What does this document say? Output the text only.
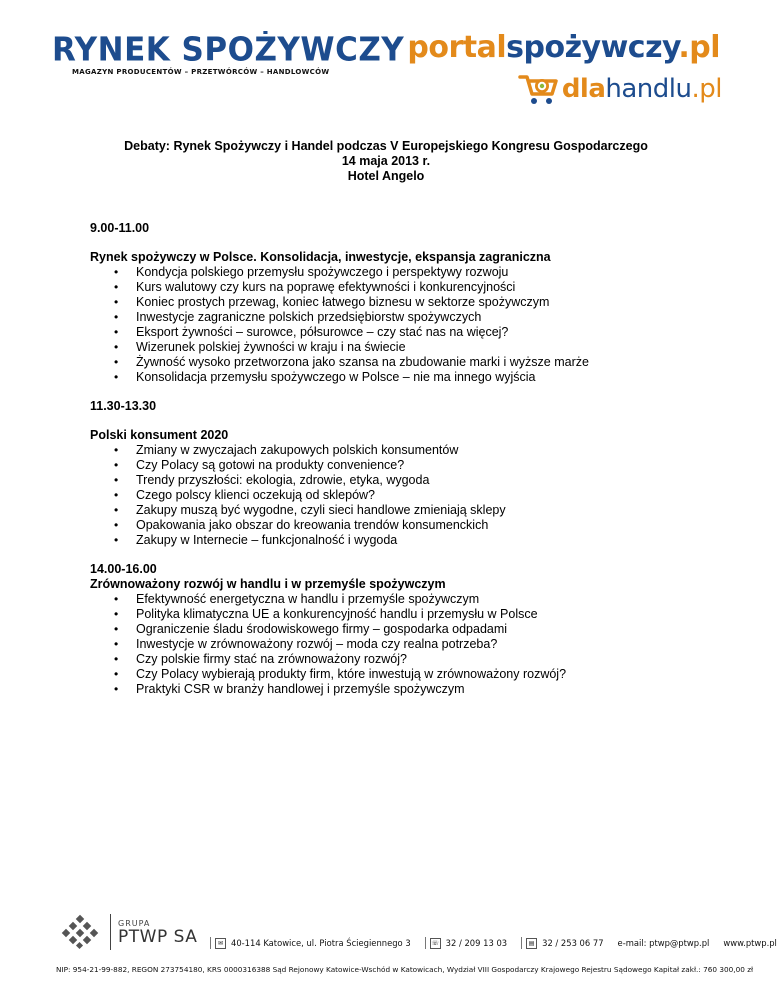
RYNEK SPOŻYWCZY
MAGAZYN PRODUCENTÓW – PRZETWÓRCÓW – HANDLOWCÓW
portalspożywczy.pl
dlahandlu.pl
Debaty: Rynek Spożywczy i Handel podczas V Europejskiego Kongresu Gospodarczego
14 maja 2013 r.
Hotel Angelo
9.00-11.00
Rynek spożywczy w Polsce. Konsolidacja, inwestycje, ekspansja zagraniczna
• Kondycja polskiego przemysłu spożywczego i perspektywy rozwoju
• Kurs walutowy czy kurs na poprawę efektywności i konkurencyjności
• Koniec prostych przewag, koniec łatwego biznesu w sektorze spożywczym
• Inwestycje zagraniczne polskich przedsiębiorstw spożywczych
• Eksport żywności – surowce, półsurowce – czy stać nas na więcej?
• Wizerunek polskiej żywności w kraju i na świecie
• Żywność wysoko przetworzona jako szansa na zbudowanie marki i wyższe marże
• Konsolidacja przemysłu spożywczego w Polsce – nie ma innego wyjścia
11.30-13.30
Polski konsument 2020
• Zmiany w zwyczajach zakupowych polskich konsumentów
• Czy Polacy są gotowi na produkty convenience?
• Trendy przyszłości: ekologia, zdrowie, etyka, wygoda
• Czego polscy klienci oczekują od sklepów?
• Zakupy muszą być wygodne, czyli sieci handlowe zmieniają sklepy
• Opakowania jako obszar do kreowania trendów konsumenckich
• Zakupy w Internecie – funkcjonalność i wygoda
14.00-16.00
Zrównoważony rozwój w handlu i w przemyśle spożywczym
• Efektywność energetyczna w handlu i przemyśle spożywczym
• Polityka klimatyczna UE a konkurencyjność handlu i przemysłu w Polsce
• Ograniczenie śladu środowiskowego firmy – gospodarka odpadami
• Inwestycje w zrównoważony rozwój – moda czy realna potrzeba?
• Czy polskie firmy stać na zrównoważony rozwój?
• Czy Polacy wybierają produkty firm, które inwestują w zrównoważony rozwój?
• Praktyki CSR w branży handlowej i przemyśle spożywczym
GRUPA
PTWP SA	✉ 40-114 Katowice, ul. Piotra Ściegiennego 3	☏ 32 / 209 13 03	▤ 32 / 253 06 77 e-mail: ptwp@ptwp.pl www.ptwp.pl
NIP: 954-21-99-882, REGON 273754180, KRS 0000316388 Sąd Rejonowy Katowice-Wschód w Katowicach, Wydział VIII Gospodarczy Krajowego Rejestru Sądowego Kapitał zakł.: 760 300,00 zł
